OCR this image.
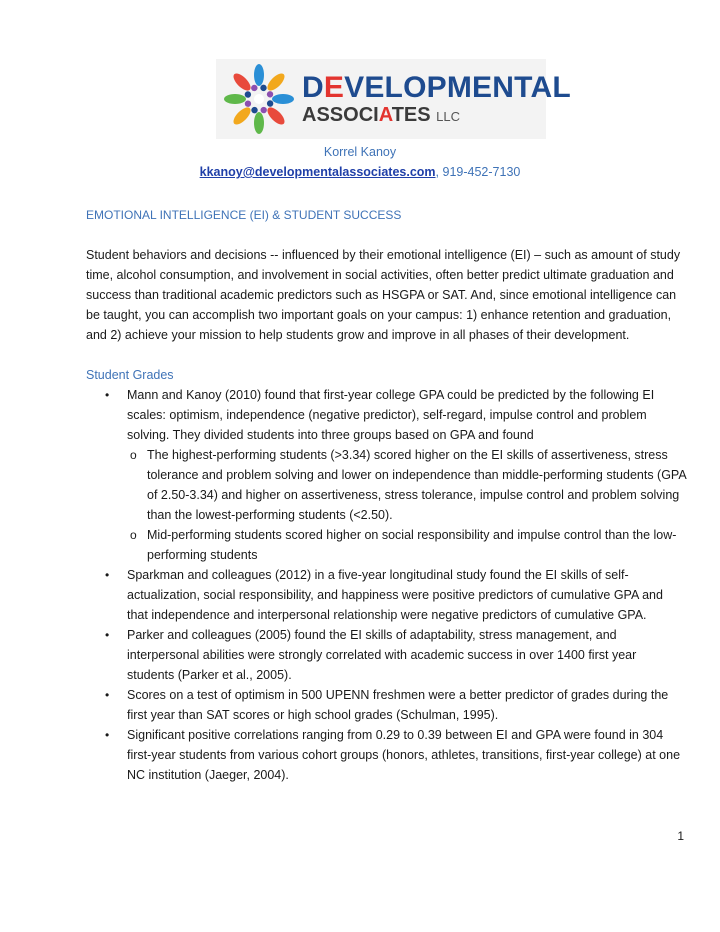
DEVELOPMENTAL
ASSOCIATES LLC
Korrel Kanoy
kkanoy@developmentalassociates.com, 919-452-7130

EMOTIONAL INTELLIGENCE (EI) & STUDENT SUCCESS

Student behaviors and decisions -- influenced by their emotional intelligence (EI) – such as amount of study time, alcohol consumption, and involvement in social activities, often better predict ultimate graduation and success than traditional academic predictors such as HSGPA or SAT. And, since emotional intelligence can be taught, you can accomplish two important goals on your campus: 1) enhance retention and graduation, and 2) achieve your mission to help students grow and improve in all phases of their development.

Student Grades

• Mann and Kanoy (2010) found that first-year college GPA could be predicted by the following EI scales: optimism, independence (negative predictor), self-regard, impulse control and problem solving. They divided students into three groups based on GPA and found
o The highest-performing students (>3.34) scored higher on the EI skills of assertiveness, stress tolerance and problem solving and lower on independence than middle-performing students (GPA of 2.50-3.34) and higher on assertiveness, stress tolerance, impulse control and problem solving than the lowest-performing students (<2.50).
o Mid-performing students scored higher on social responsibility and impulse control than the low-performing students
• Sparkman and colleagues (2012) in a five-year longitudinal study found the EI skills of self-actualization, social responsibility, and happiness were positive predictors of cumulative GPA and that independence and interpersonal relationship were negative predictors of cumulative GPA.
• Parker and colleagues (2005) found the EI skills of adaptability, stress management, and interpersonal abilities were strongly correlated with academic success in over 1400 first year students (Parker et al., 2005).
• Scores on a test of optimism in 500 UPENN freshmen were a better predictor of grades during the first year than SAT scores or high school grades (Schulman, 1995).
• Significant positive correlations ranging from 0.29 to 0.39 between EI and GPA were found in 304 first-year students from various cohort groups (honors, athletes, transitions, first-year college) at one NC institution (Jaeger, 2004).
1
